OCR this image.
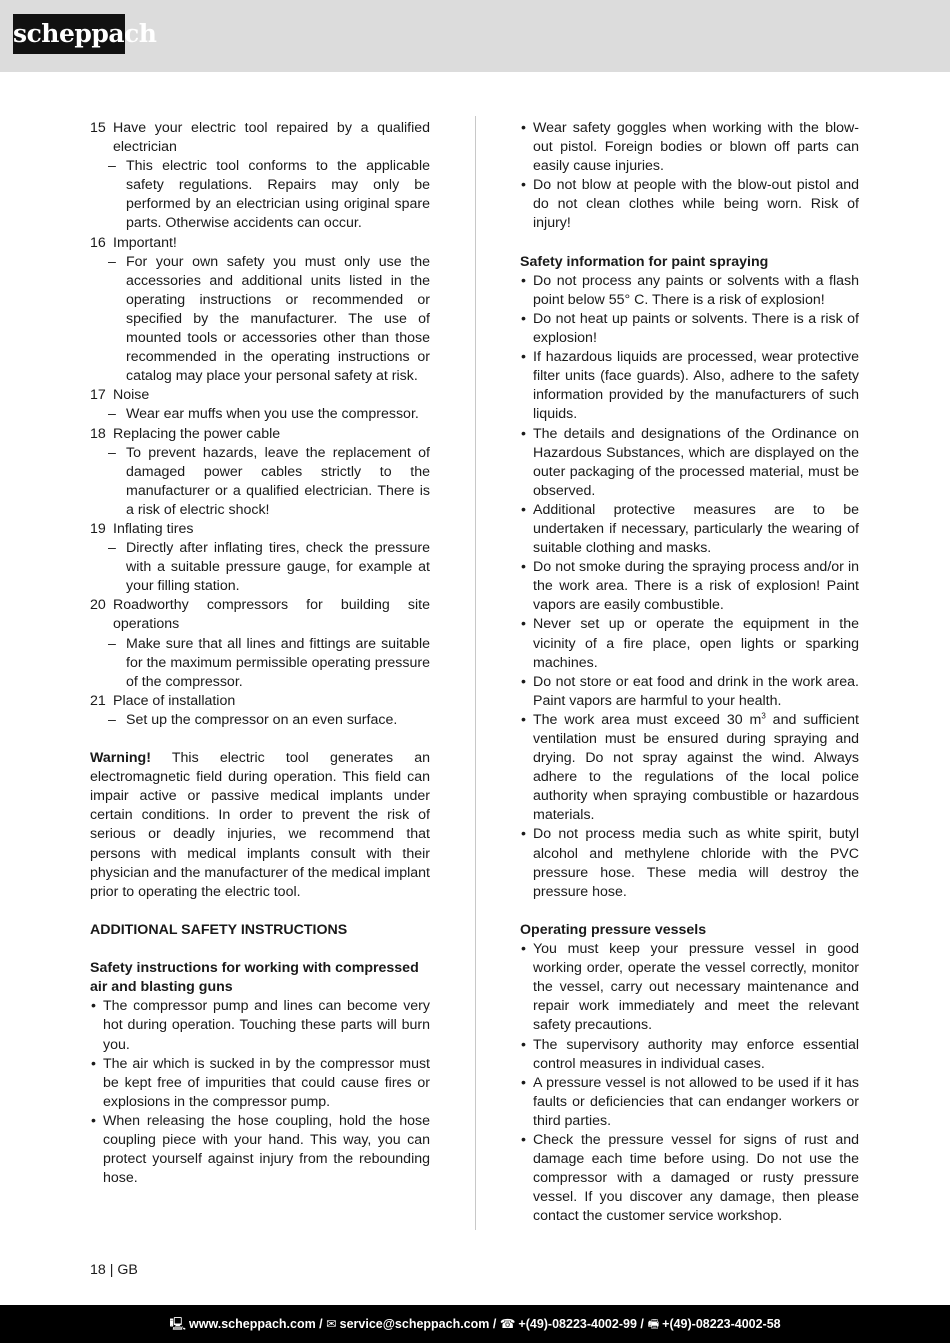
scheppach
15 Have your electric tool repaired by a qualified electrician
– This electric tool conforms to the applicable safety regulations. Repairs may only be performed by an electrician using original spare parts. Otherwise accidents can occur.
16 Important!
– For your own safety you must only use the accessories and additional units listed in the operating instructions or recommended or specified by the manufacturer. The use of mounted tools or accessories other than those recommended in the operating instructions or catalog may place your personal safety at risk.
17 Noise
– Wear ear muffs when you use the compressor.
18 Replacing the power cable
– To prevent hazards, leave the replacement of damaged power cables strictly to the manufacturer or a qualified electrician. There is a risk of electric shock!
19 Inflating tires
– Directly after inflating tires, check the pressure with a suitable pressure gauge, for example at your filling station.
20 Roadworthy compressors for building site operations
– Make sure that all lines and fittings are suitable for the maximum permissible operating pressure of the compressor.
21 Place of installation
– Set up the compressor on an even surface.
Warning! This electric tool generates an electromagnetic field during operation. This field can impair active or passive medical implants under certain conditions. In order to prevent the risk of serious or deadly injuries, we recommend that persons with medical implants consult with their physician and the manufacturer of the medical implant prior to operating the electric tool.
ADDITIONAL SAFETY INSTRUCTIONS
Safety instructions for working with compressed air and blasting guns
• The compressor pump and lines can become very hot during operation. Touching these parts will burn you.
• The air which is sucked in by the compressor must be kept free of impurities that could cause fires or explosions in the compressor pump.
• When releasing the hose coupling, hold the hose coupling piece with your hand. This way, you can protect yourself against injury from the rebounding hose.
• Wear safety goggles when working with the blow-out pistol. Foreign bodies or blown off parts can easily cause injuries.
• Do not blow at people with the blow-out pistol and do not clean clothes while being worn. Risk of injury!
Safety information for paint spraying
• Do not process any paints or solvents with a flash point below 55° C. There is a risk of explosion!
• Do not heat up paints or solvents. There is a risk of explosion!
• If hazardous liquids are processed, wear protective filter units (face guards). Also, adhere to the safety information provided by the manufacturers of such liquids.
• The details and designations of the Ordinance on Hazardous Substances, which are displayed on the outer packaging of the processed material, must be observed.
• Additional protective measures are to be undertaken if necessary, particularly the wearing of suitable clothing and masks.
• Do not smoke during the spraying process and/or in the work area. There is a risk of explosion! Paint vapors are easily combustible.
• Never set up or operate the equipment in the vicinity of a fire place, open lights or sparking machines.
• Do not store or eat food and drink in the work area. Paint vapors are harmful to your health.
• The work area must exceed 30 $m^3$ and sufficient ventilation must be ensured during spraying and drying. Do not spray against the wind. Always adhere to the regulations of the local police authority when spraying combustible or hazardous materials.
• Do not process media such as white spirit, butyl alcohol and methylene chloride with the PVC pressure hose. These media will destroy the pressure hose.
Operating pressure vessels
• You must keep your pressure vessel in good working order, operate the vessel correctly, monitor the vessel, carry out necessary maintenance and repair work immediately and meet the relevant safety precautions.
• The supervisory authority may enforce essential control measures in individual cases.
• A pressure vessel is not allowed to be used if it has faults or deficiencies that can endanger workers or third parties.
• Check the pressure vessel for signs of rust and damage each time before using. Do not use the compressor with a damaged or rusty pressure vessel. If you discover any damage, then please contact the customer service workshop.
18 | GB
🖳︎ www.scheppach.com / ✉︎ service@scheppach.com / ☎︎ +(49)-08223-4002-99 / 🖷︎ +(49)-08223-4002-58
